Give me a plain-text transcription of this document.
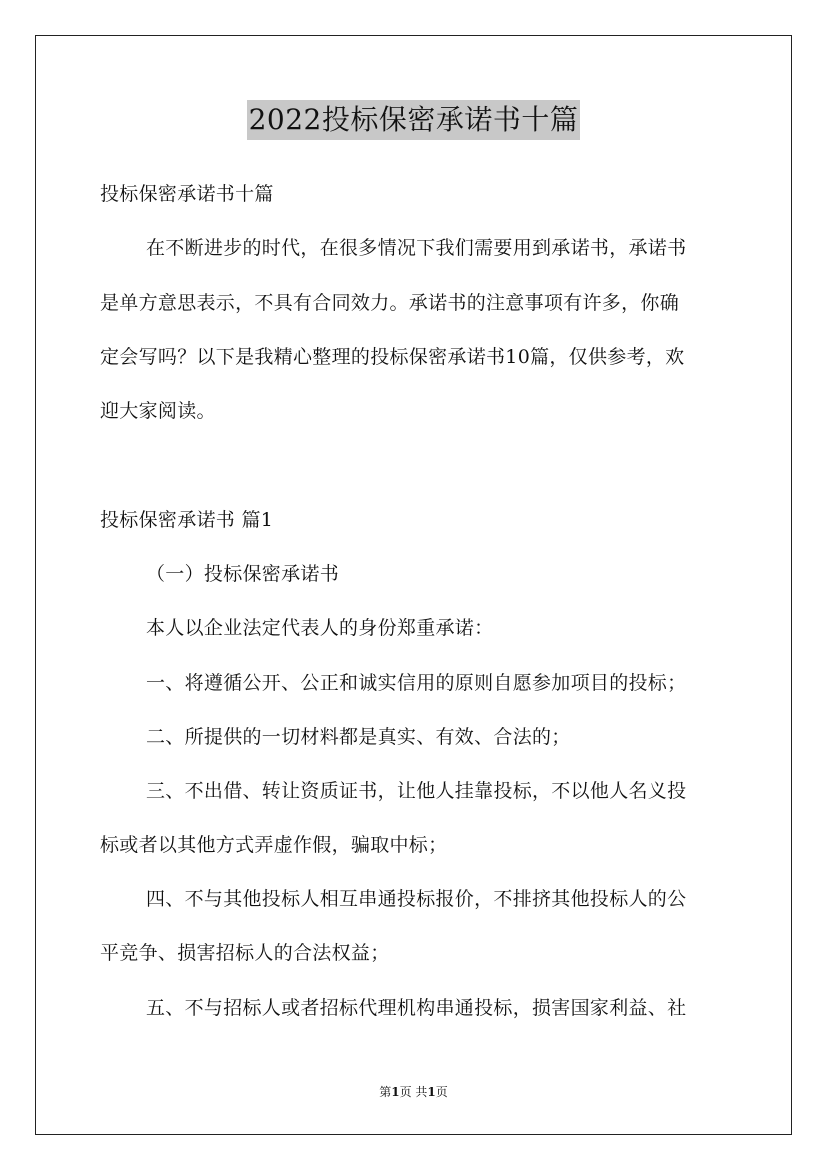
2022投标保密承诺书十篇
投标保密承诺书十篇
在不断进步的时代，在很多情况下我们需要用到承诺书，承诺书
是单方意思表示，不具有合同效力。承诺书的注意事项有许多，你确
定会写吗？以下是我精心整理的投标保密承诺书10篇，仅供参考，欢
迎大家阅读。
投标保密承诺书 篇1
（一）投标保密承诺书
本人以企业法定代表人的身份郑重承诺：
一、将遵循公开、公正和诚实信用的原则自愿参加项目的投标；
二、所提供的一切材料都是真实、有效、合法的；
三、不出借、转让资质证书，让他人挂靠投标，不以他人名义投
标或者以其他方式弄虚作假，骗取中标；
四、不与其他投标人相互串通投标报价，不排挤其他投标人的公
平竞争、损害招标人的合法权益；
五、不与招标人或者招标代理机构串通投标，损害国家利益、社
第1页 共1页
